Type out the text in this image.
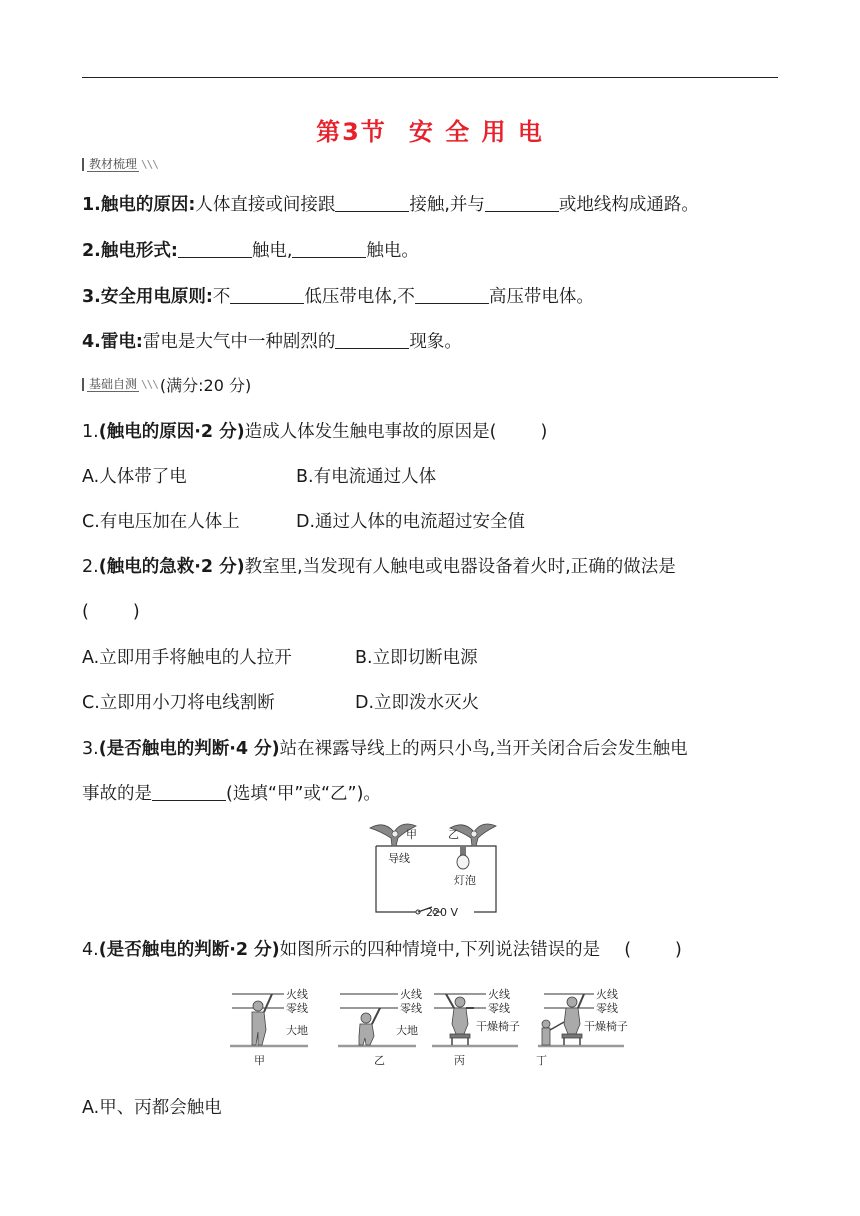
第3节 安 全 用 电
教材梳理 \\\
1.触电的原因:人体直接或间接跟	接触,并与	或地线构成通路。
2.触电形式:	触电,	触电。
3.安全用电原则:不	低压带电体,不	高压带电体。
4.雷电:雷电是大气中一种剧烈的	现象。
基础自测 \\\ (满分:20 分)
1.(触电的原因·2 分)造成人体发生触电事故的原因是(	)
A.人体带了电	B.有电流通过人体
C.有电压加在人体上	D.通过人体的电流超过安全值
2.(触电的急救·2 分)教室里,当发现有人触电或电器设备着火时,正确的做法是
(	)
A.立即用手将触电的人拉开	B.立即切断电源
C.立即用小刀将电线割断	D.立即泼水灭火
3.(是否触电的判断·4 分)站在裸露导线上的两只小鸟,当开关闭合后会发生触电
事故的是	(选填“甲”或“乙”)。
甲	乙
导线
灯泡
220 V
4.(是否触电的判断·2 分)如图所示的四种情境中,下列说法错误的是 (	)
火线
零线
大地
火线
零线
大地
火线
零线
干燥椅子
火线
零线
干燥椅子
甲	乙	丙	丁
A.甲、丙都会触电
